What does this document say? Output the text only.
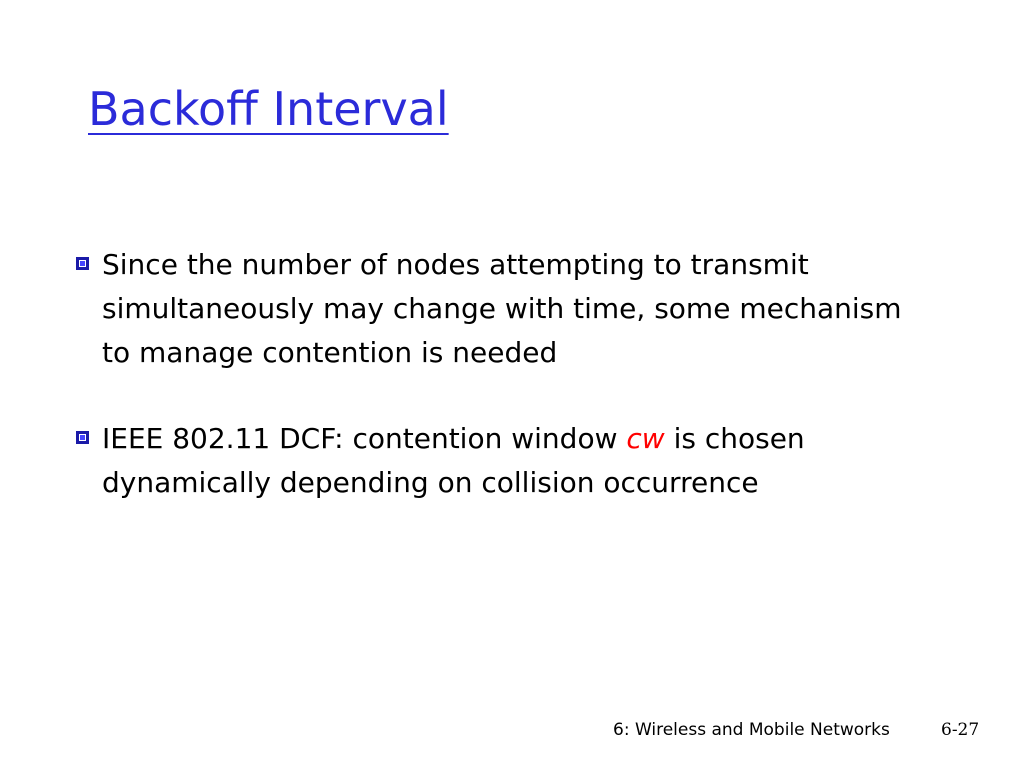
Backoff Interval
Since the number of nodes attempting to transmit simultaneously may change with time, some mechanism to manage contention is needed
IEEE 802.11 DCF: contention window cw is chosen dynamically depending on collision occurrence
6: Wireless and Mobile Networks	6-27
